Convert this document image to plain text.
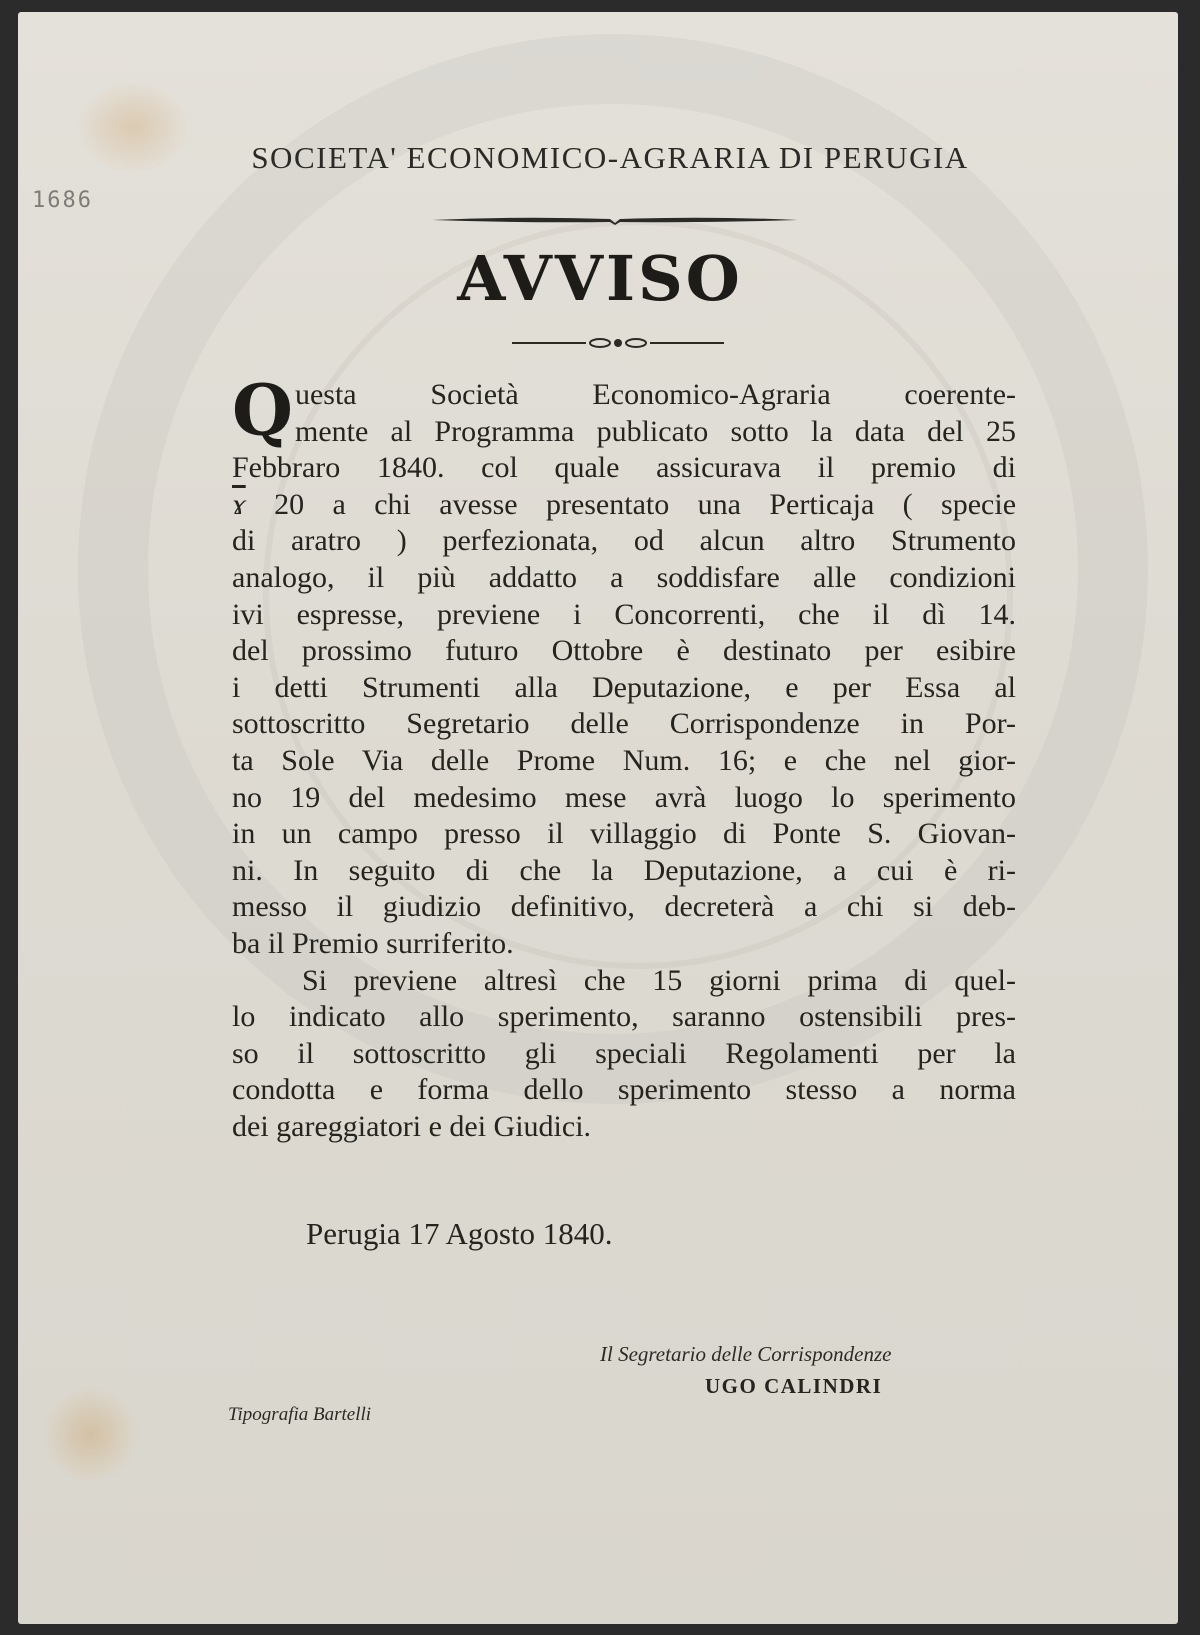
1686
SOCIETA' ECONOMICO-AGRARIA DI PERUGIA
AVVISO
Q uesta Società Economico-Agraria coerente-
mente al Programma publicato sotto la data del 25
Febbraro 1840. col quale assicurava il premio di
$\overline{ɤ}$ 20 a chi avesse presentato una Perticaja ( specie
di aratro ) perfezionata, od alcun altro Strumento
analogo, il più addatto a soddisfare alle condizioni
ivi espresse, previene i Concorrenti, che il dì 14.
del prossimo futuro Ottobre è destinato per esibire
i detti Strumenti alla Deputazione, e per Essa al
sottoscritto Segretario delle Corrispondenze in Por-
ta Sole Via delle Prome Num. 16; e che nel gior-
no 19 del medesimo mese avrà luogo lo sperimento
in un campo presso il villaggio di Ponte S. Giovan-
ni. In seguito di che la Deputazione, a cui è ri-
messo il giudizio definitivo, decreterà a chi si deb-
ba il Premio surriferito.
Si previene altresì che 15 giorni prima di quel-
lo indicato allo sperimento, saranno ostensibili pres-
so il sottoscritto gli speciali Regolamenti per la
condotta e forma dello sperimento stesso a norma
dei gareggiatori e dei Giudici.
Perugia 17 Agosto 1840.
Il Segretario delle Corrispondenze
UGO CALINDRI
Tipografia Bartelli
